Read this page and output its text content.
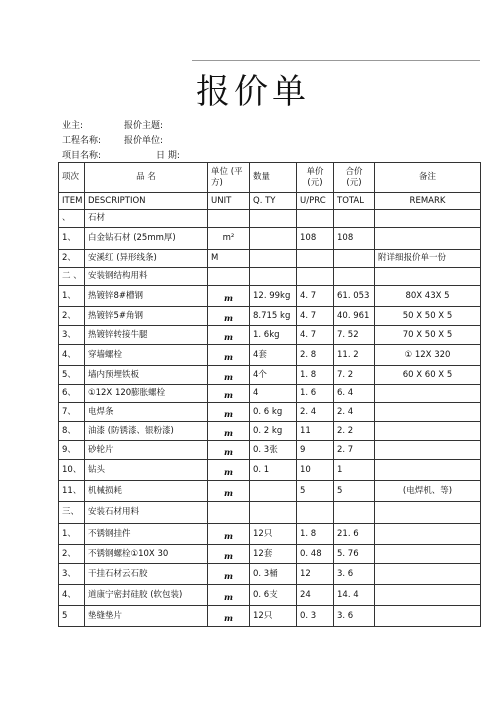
报价单
业主:	报价主题:
工程名称:	报价单位:
项目名称:	日 期:
项次	品 名	单位 (平方)	数量	单价 (元)	合价 (元)	备注
ITEM	DESCRIPTION	UNIT	Q. TY	U/PRC	TOTAL	REMARK
、	石材					
1、	白金钻石材 (25mm厚)	m²		108	108	
2、	安溪红 (异形线条)	M				附详细报价单一份
二 、	安装钢结构用料					
1、	热镀锌8#槽钢	m	12. 99kg	4. 7	61. 053	80X 43X 5
2、	热镀锌5#角钢	m	8.715 kg	4. 7	40. 961	50 X 50 X 5
3、	热镀锌转接牛腿	m	1. 6kg	4. 7	7. 52	70 X 50 X 5
4、	穿墙螺栓	m	4套	2. 8	11. 2	① 12X 320
5、	墙内预埋铁板	m	4个	1. 8	7. 2	60 X 60 X 5
6、	①12X 120膨胀螺栓	m	4	1. 6	6. 4	
7、	电焊条	m	0. 6 kg	2. 4	2. 4	
8、	油漆 (防锈漆、银粉漆)	m	0. 2 kg	11	2. 2	
9、	砂轮片	m	0. 3张	9	2. 7	
10、	钻头	m	0. 1	10	1	
11、	机械损耗	m		5	5	(电焊机、等)
三、	安装石材用料					
1、	不锈钢挂件	m	12只	1. 8	21. 6	
2、	不锈钢螺栓①10X 30	m	12套	0. 48	5. 76	
3、	干挂石材云石胶	m	0. 3桶	12	3. 6	
4、	道康宁密封硅胶 (软包装)	m	0. 6支	24	14. 4	
5	垫缝垫片	m	12只	0. 3	3. 6	
